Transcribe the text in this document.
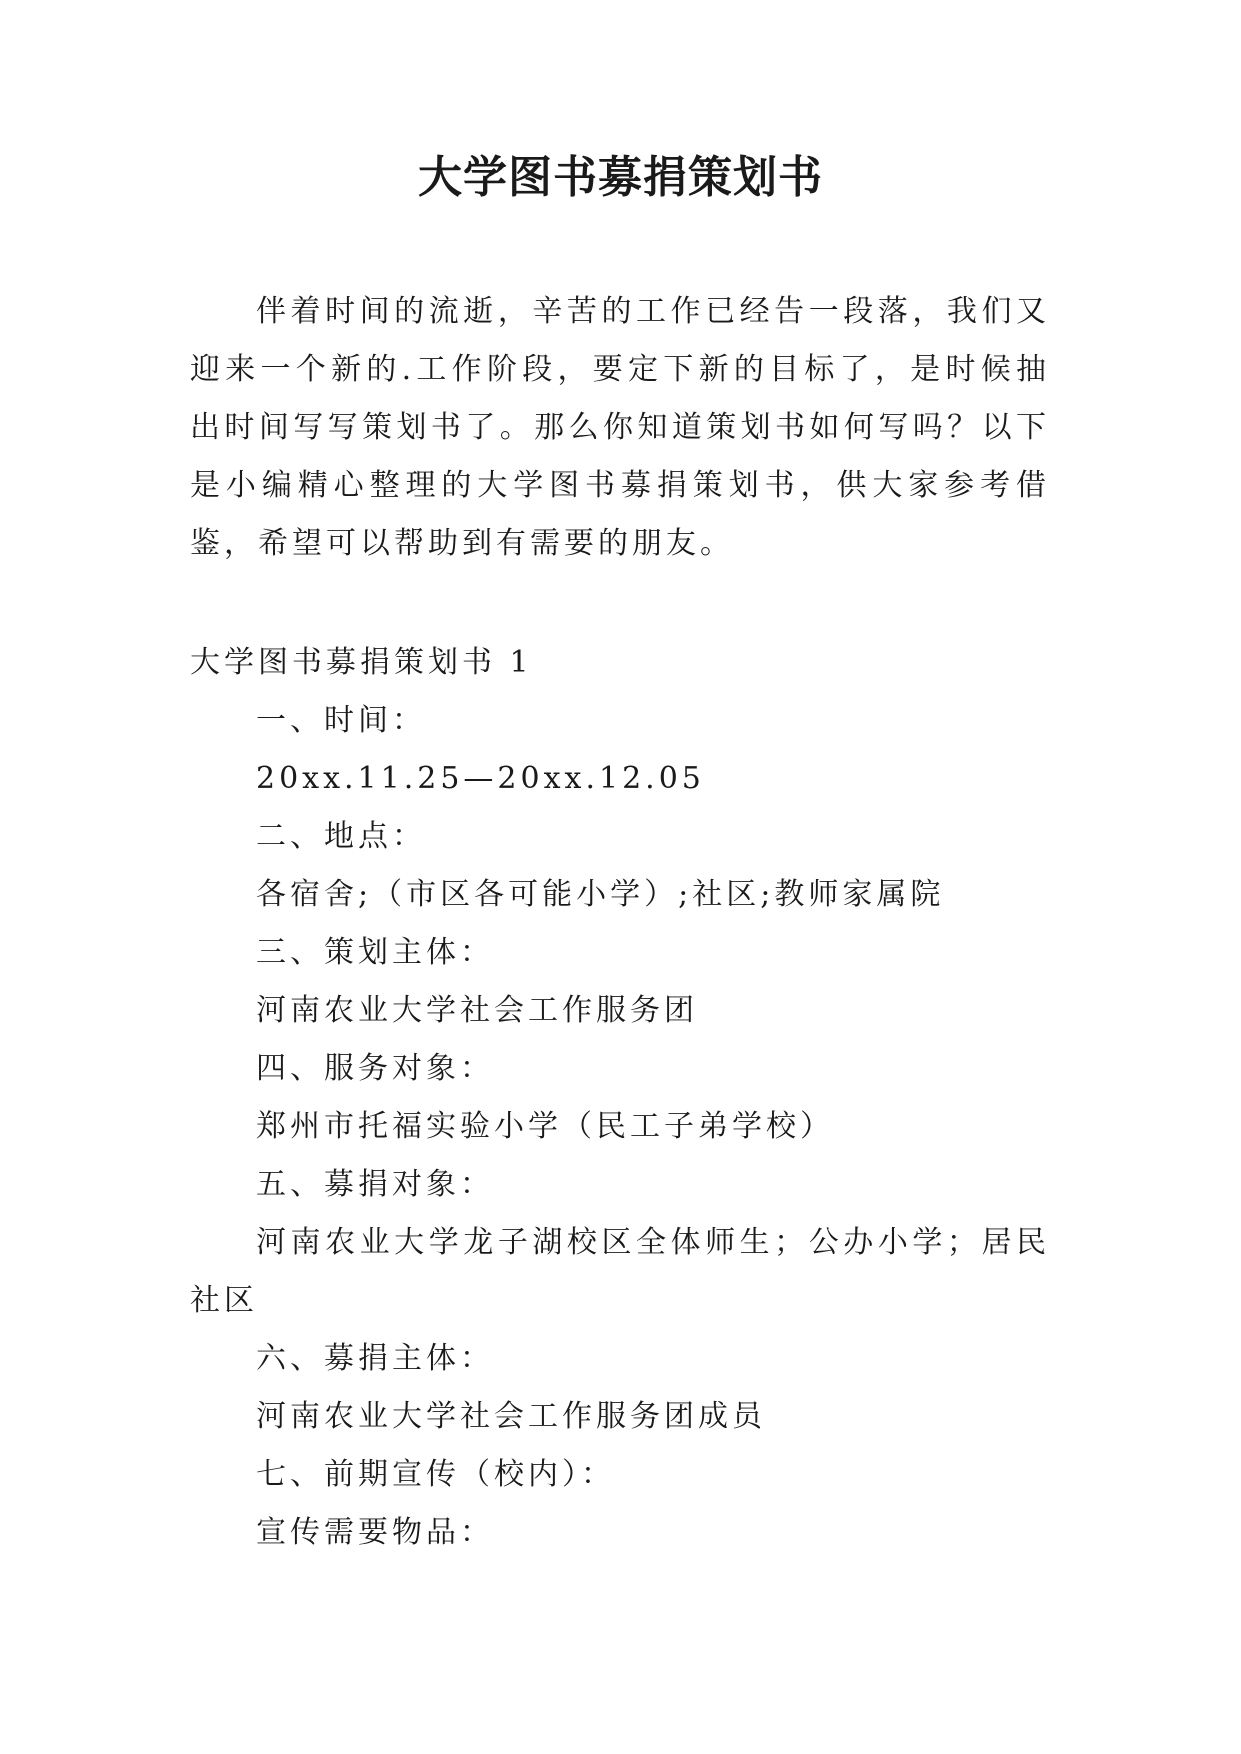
大学图书募捐策划书

伴着时间的流逝，辛苦的工作已经告一段落，我们又迎来一个新的.工作阶段，要定下新的目标了，是时候抽出时间写写策划书了。那么你知道策划书如何写吗？以下是小编精心整理的大学图书募捐策划书，供大家参考借鉴，希望可以帮助到有需要的朋友。

大学图书募捐策划书 1

一、时间：

20xx.11.25—20xx.12.05

二、地点：

各宿舍;（市区各可能小学）;社区;教师家属院

三、策划主体：

河南农业大学社会工作服务团

四、服务对象：

郑州市托福实验小学（民工子弟学校）

五、募捐对象：

河南农业大学龙子湖校区全体师生；公办小学；居民社区

六、募捐主体：

河南农业大学社会工作服务团成员

七、前期宣传（校内）：

宣传需要物品：
